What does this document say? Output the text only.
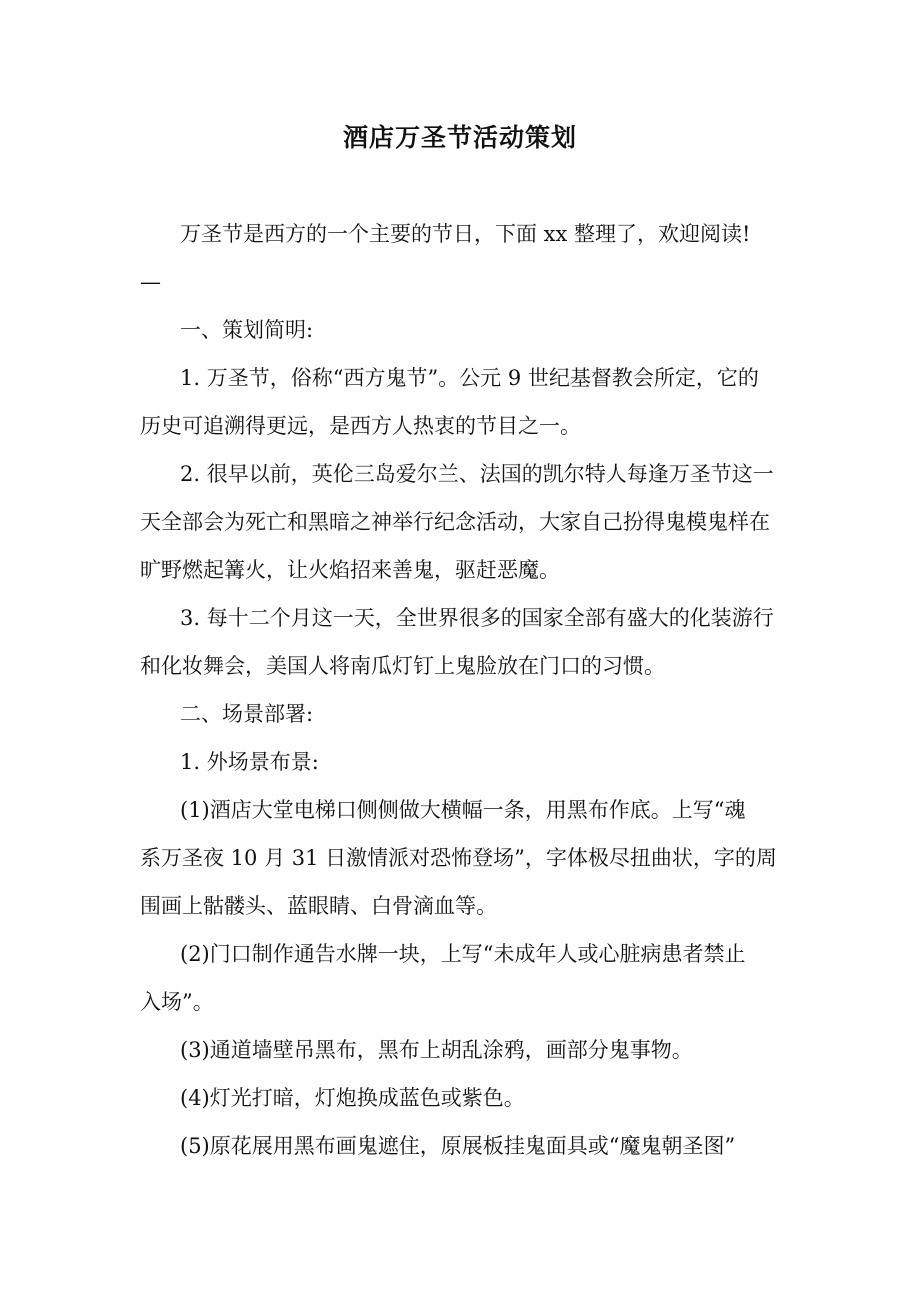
酒店万圣节活动策划
万圣节是西方的一个主要的节日，下面 xx 整理了，欢迎阅读!
—
一、策划简明:
1. 万圣节，俗称“西方鬼节”。公元 9 世纪基督教会所定，它的
历史可追溯得更远，是西方人热衷的节目之一。
2. 很早以前，英伦三岛爱尔兰、法国的凯尔特人每逢万圣节这一
天全部会为死亡和黑暗之神举行纪念活动，大家自己扮得鬼模鬼样在
旷野燃起篝火，让火焰招来善鬼，驱赶恶魔。
3. 每十二个月这一天，全世界很多的国家全部有盛大的化装游行
和化妆舞会，美国人将南瓜灯钉上鬼脸放在门口的习惯。
二、场景部署:
1. 外场景布景:
(1)酒店大堂电梯口侧侧做大横幅一条，用黑布作底。上写“魂
系万圣夜 10 月 31 日激情派对恐怖登场”，字体极尽扭曲状，字的周
围画上骷髅头、蓝眼睛、白骨滴血等。
(2)门口制作通告水牌一块，上写“未成年人或心脏病患者禁止
入场”。
(3)通道墙壁吊黑布，黑布上胡乱涂鸦，画部分鬼事物。
(4)灯光打暗，灯炮换成蓝色或紫色。
(5)原花展用黑布画鬼遮住，原展板挂鬼面具或“魔鬼朝圣图”
